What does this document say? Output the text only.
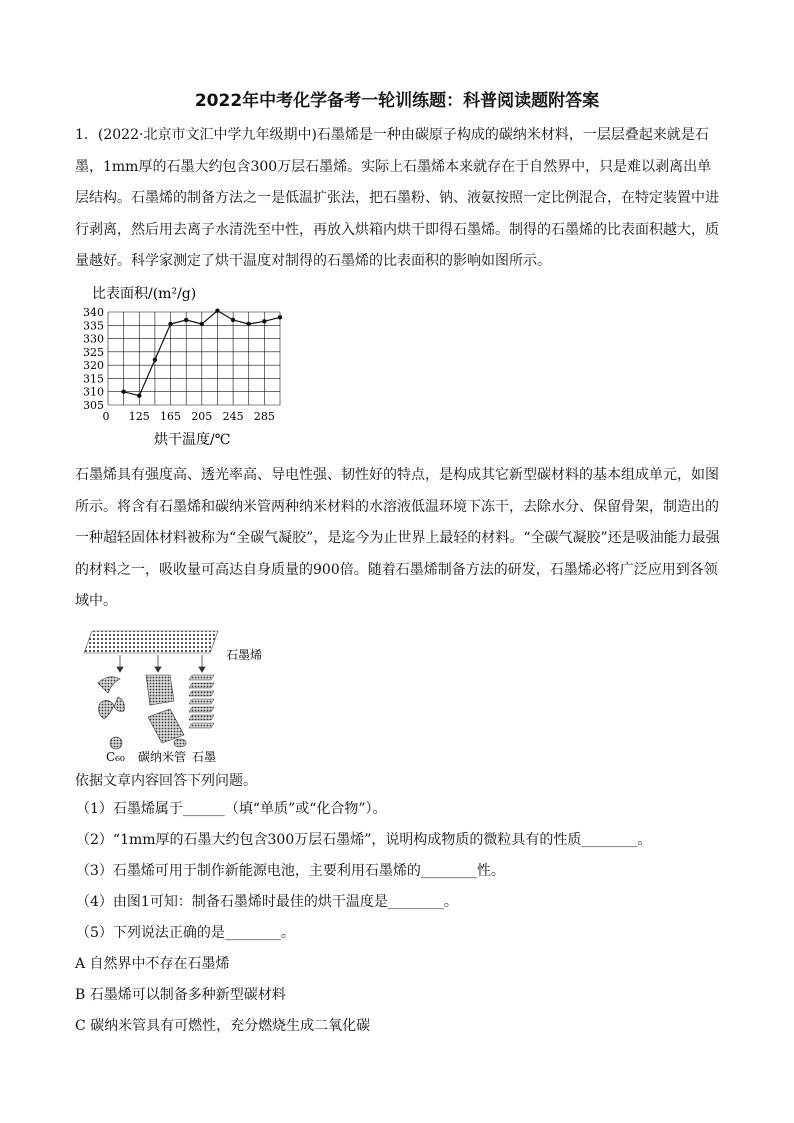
2022年中考化学备考一轮训练题：科普阅读题附答案
1．(2022·北京市文汇中学九年级期中)石墨烯是一种由碳原子构成的碳纳米材料，一层层叠起来就是石墨，1mm厚的石墨大约包含300万层石墨烯。实际上石墨烯本来就存在于自然界中，只是难以剥离出单层结构。石墨烯的制备方法之一是低温扩张法，把石墨粉、钠、液氨按照一定比例混合，在特定装置中进行剥离，然后用去离子水清洗至中性，再放入烘箱内烘干即得石墨烯。制得的石墨烯的比表面积越大，质量越好。科学家测定了烘干温度对制得的石墨烯的比表面积的影响如图所示。
比表面积/(m²/g)
305
310
315
320
325
330
335
340
0 125 165 205 245 285
烘干温度/℃
石墨烯具有强度高、透光率高、导电性强、韧性好的特点，是构成其它新型碳材料的基本组成单元，如图所示。将含有石墨烯和碳纳米管两种纳米材料的水溶液低温环境下冻干，去除水分、保留骨架，制造出的一种超轻固体材料被称为“全碳气凝胶”，是迄今为止世界上最轻的材料。“全碳气凝胶”还是吸油能力最强的材料之一，吸收量可高达自身质量的900倍。随着石墨烯制备方法的研发，石墨烯必将广泛应用到各领域中。
石墨烯
C₆₀ 碳纳米管 石墨
依据文章内容回答下列问题。
（1）石墨烯属于______（填“单质”或“化合物”）。
（2）“1mm厚的石墨大约包含300万层石墨烯”，说明构成物质的微粒具有的性质________。
（3）石墨烯可用于制作新能源电池，主要利用石墨烯的________性。
（4）由图1可知：制备石墨烯时最佳的烘干温度是________。
（5）下列说法正确的是________。
A 自然界中不存在石墨烯
B 石墨烯可以制备多种新型碳材料
C 碳纳米管具有可燃性，充分燃烧生成二氧化碳
